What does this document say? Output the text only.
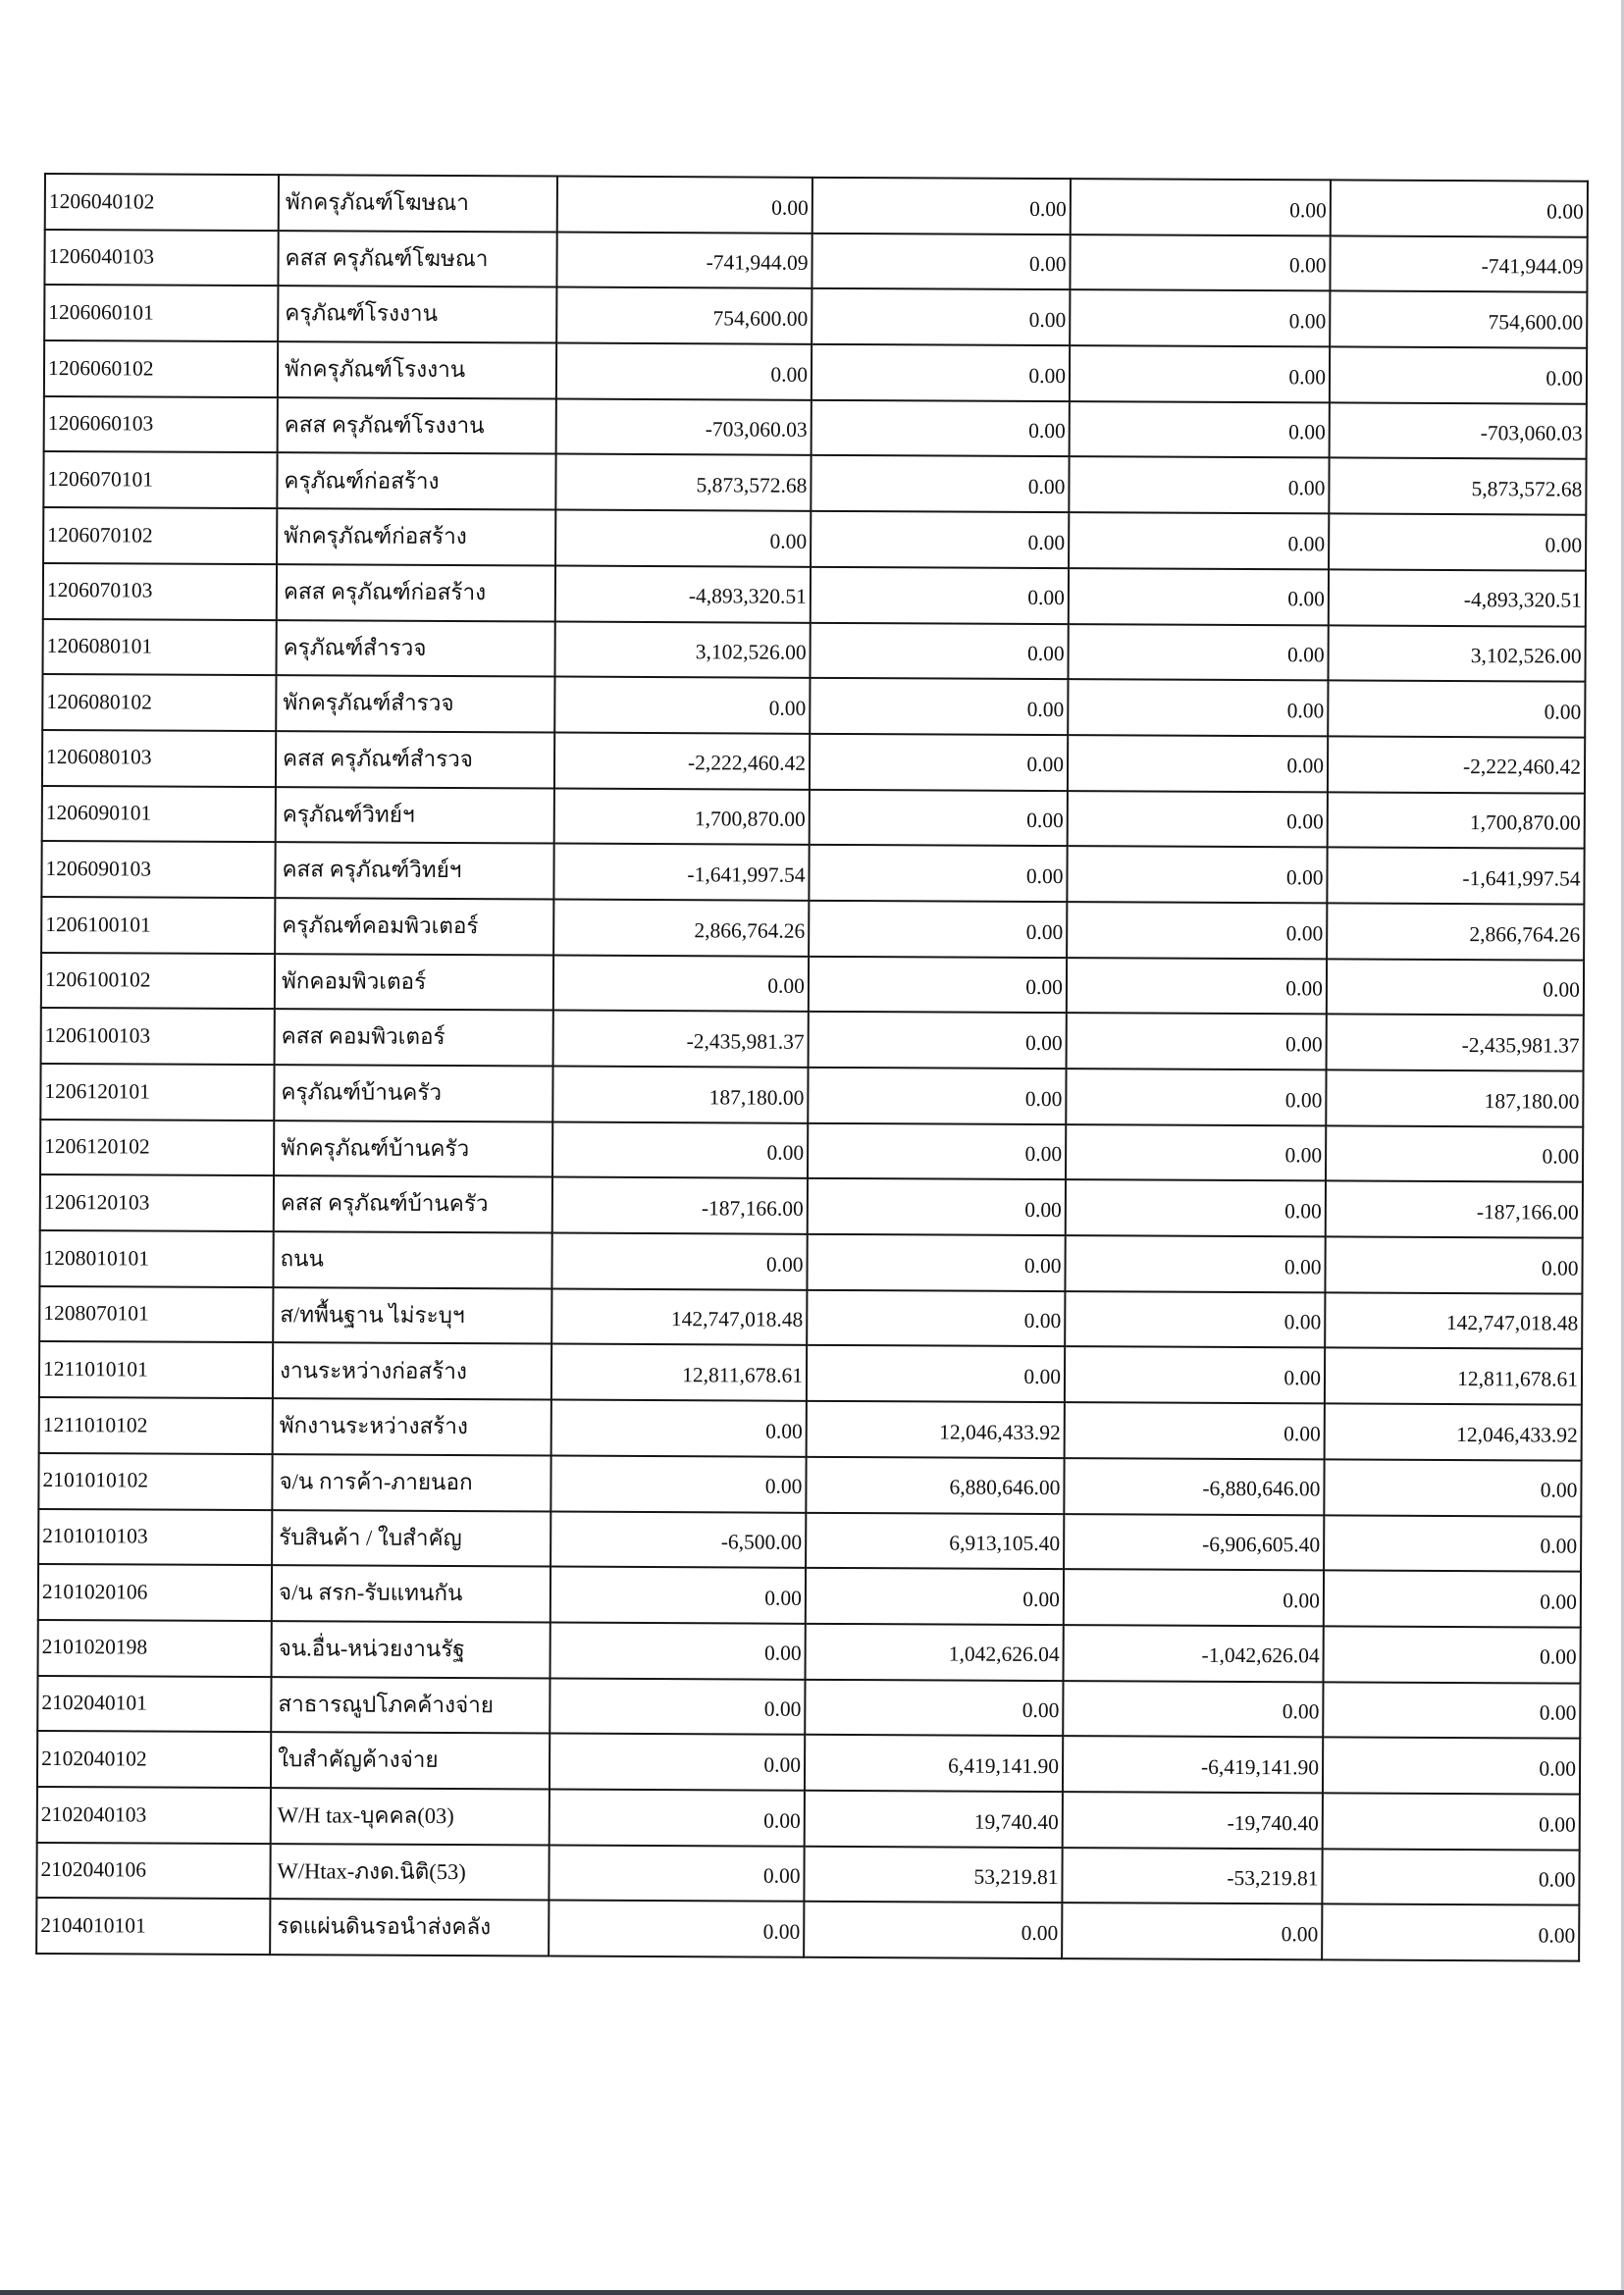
1206040102	พักครุภัณฑ์โฆษณา	0.00	0.00	0.00	0.00
1206040103	คสส ครุภัณฑ์โฆษณา	-741,944.09	0.00	0.00	-741,944.09
1206060101	ครุภัณฑ์โรงงาน	754,600.00	0.00	0.00	754,600.00
1206060102	พักครุภัณฑ์โรงงาน	0.00	0.00	0.00	0.00
1206060103	คสส ครุภัณฑ์โรงงาน	-703,060.03	0.00	0.00	-703,060.03
1206070101	ครุภัณฑ์ก่อสร้าง	5,873,572.68	0.00	0.00	5,873,572.68
1206070102	พักครุภัณฑ์ก่อสร้าง	0.00	0.00	0.00	0.00
1206070103	คสส ครุภัณฑ์ก่อสร้าง	-4,893,320.51	0.00	0.00	-4,893,320.51
1206080101	ครุภัณฑ์สำรวจ	3,102,526.00	0.00	0.00	3,102,526.00
1206080102	พักครุภัณฑ์สำรวจ	0.00	0.00	0.00	0.00
1206080103	คสส ครุภัณฑ์สำรวจ	-2,222,460.42	0.00	0.00	-2,222,460.42
1206090101	ครุภัณฑ์วิทย์ฯ	1,700,870.00	0.00	0.00	1,700,870.00
1206090103	คสส ครุภัณฑ์วิทย์ฯ	-1,641,997.54	0.00	0.00	-1,641,997.54
1206100101	ครุภัณฑ์คอมพิวเตอร์	2,866,764.26	0.00	0.00	2,866,764.26
1206100102	พักคอมพิวเตอร์	0.00	0.00	0.00	0.00
1206100103	คสส คอมพิวเตอร์	-2,435,981.37	0.00	0.00	-2,435,981.37
1206120101	ครุภัณฑ์บ้านครัว	187,180.00	0.00	0.00	187,180.00
1206120102	พักครุภัณฑ์บ้านครัว	0.00	0.00	0.00	0.00
1206120103	คสส ครุภัณฑ์บ้านครัว	-187,166.00	0.00	0.00	-187,166.00
1208010101	ถนน	0.00	0.00	0.00	0.00
1208070101	ส/ทพื้นฐาน ไม่ระบุฯ	142,747,018.48	0.00	0.00	142,747,018.48
1211010101	งานระหว่างก่อสร้าง	12,811,678.61	0.00	0.00	12,811,678.61
1211010102	พักงานระหว่างสร้าง	0.00	12,046,433.92	0.00	12,046,433.92
2101010102	จ/น การค้า-ภายนอก	0.00	6,880,646.00	-6,880,646.00	0.00
2101010103	รับสินค้า / ใบสำคัญ	-6,500.00	6,913,105.40	-6,906,605.40	0.00
2101020106	จ/น สรก-รับแทนกัน	0.00	0.00	0.00	0.00
2101020198	จน.อื่น-หน่วยงานรัฐ	0.00	1,042,626.04	-1,042,626.04	0.00
2102040101	สาธารณูปโภคค้างจ่าย	0.00	0.00	0.00	0.00
2102040102	ใบสำคัญค้างจ่าย	0.00	6,419,141.90	-6,419,141.90	0.00
2102040103	W/H tax-บุคคล(03)	0.00	19,740.40	-19,740.40	0.00
2102040106	W/Htax-ภงด.นิติ(53)	0.00	53,219.81	-53,219.81	0.00
2104010101	รดแผ่นดินรอนำส่งคลัง	0.00	0.00	0.00	0.00
